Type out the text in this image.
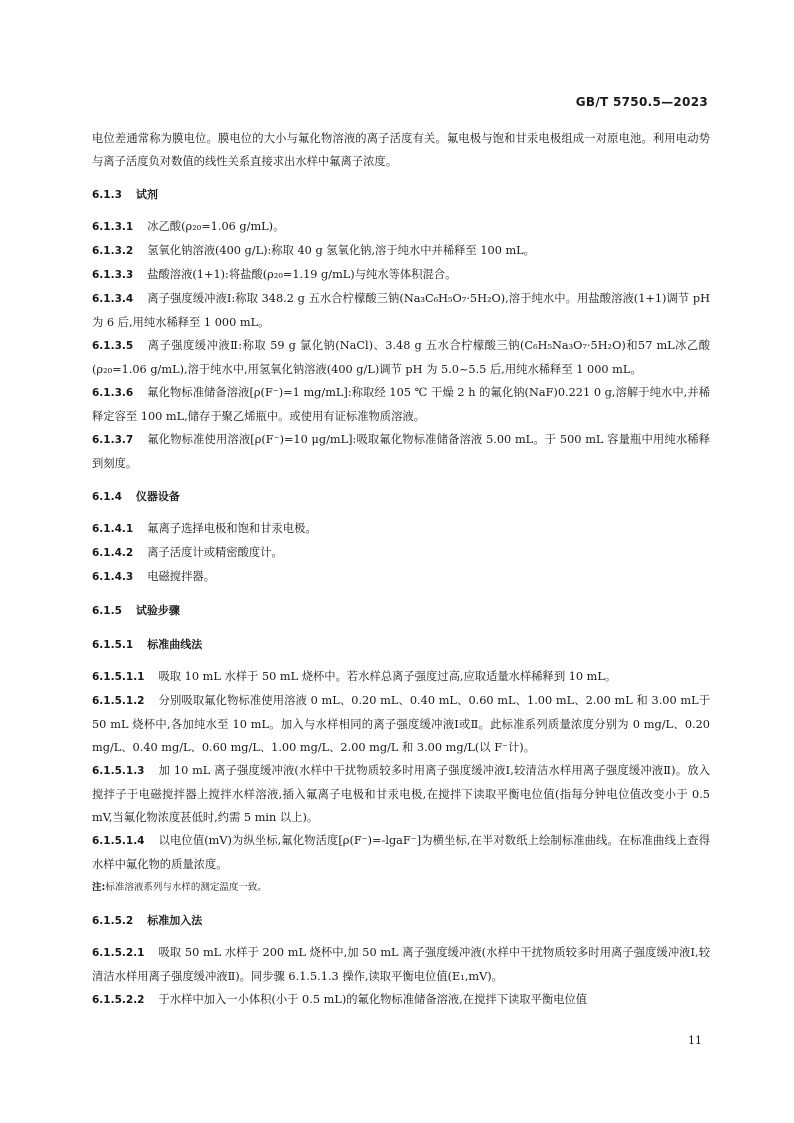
GB/T 5750.5—2023

电位差通常称为膜电位。膜电位的大小与氟化物溶液的离子活度有关。氟电极与饱和甘汞电极组成一对原电池。利用电动势与离子活度负对数值的线性关系直接求出水样中氟离子浓度。

6.1.3 试剂

6.1.3.1 冰乙酸(ρ₂₀=1.06 g/mL)。

6.1.3.2 氢氧化钠溶液(400 g/L):称取 40 g 氢氧化钠,溶于纯水中并稀释至 100 mL。

6.1.3.3 盐酸溶液(1+1):将盐酸(ρ₂₀=1.19 g/mL)与纯水等体积混合。

6.1.3.4 离子强度缓冲液Ⅰ:称取 348.2 g 五水合柠檬酸三钠(Na₃C₆H₅O₇·5H₂O),溶于纯水中。用盐酸溶液(1+1)调节 pH 为 6 后,用纯水稀释至 1 000 mL。

6.1.3.5 离子强度缓冲液Ⅱ:称取 59 g 氯化钠(NaCl)、3.48 g 五水合柠檬酸三钠(C₆H₅Na₃O₇·5H₂O)和57 mL冰乙酸(ρ₂₀=1.06 g/mL),溶于纯水中,用氢氧化钠溶液(400 g/L)调节 pH 为 5.0~5.5 后,用纯水稀释至 1 000 mL。

6.1.3.6 氟化物标准储备溶液[ρ(F⁻)=1 mg/mL]:称取经 105 ℃ 干燥 2 h 的氟化钠(NaF)0.221 0 g,溶解于纯水中,并稀释定容至 100 mL,储存于聚乙烯瓶中。或使用有证标准物质溶液。

6.1.3.7 氟化物标准使用溶液[ρ(F⁻)=10 μg/mL]:吸取氟化物标准储备溶液 5.00 mL。于 500 mL 容量瓶中用纯水稀释到刻度。

6.1.4 仪器设备

6.1.4.1 氟离子选择电极和饱和甘汞电极。

6.1.4.2 离子活度计或精密酸度计。

6.1.4.3 电磁搅拌器。

6.1.5 试验步骤
6.1.5.1 标准曲线法

6.1.5.1.1 吸取 10 mL 水样于 50 mL 烧杯中。若水样总离子强度过高,应取适量水样稀释到 10 mL。

6.1.5.1.2 分别吸取氟化物标准使用溶液 0 mL、0.20 mL、0.40 mL、0.60 mL、1.00 mL、2.00 mL 和 3.00 mL于 50 mL 烧杯中,各加纯水至 10 mL。加入与水样相同的离子强度缓冲液Ⅰ或Ⅱ。此标准系列质量浓度分别为 0 mg/L、0.20 mg/L、0.40 mg/L、0.60 mg/L、1.00 mg/L、2.00 mg/L 和 3.00 mg/L(以 F⁻计)。

6.1.5.1.3 加 10 mL 离子强度缓冲液(水样中干扰物质较多时用离子强度缓冲液Ⅰ,较清洁水样用离子强度缓冲液Ⅱ)。放入搅拌子于电磁搅拌器上搅拌水样溶液,插入氟离子电极和甘汞电极,在搅拌下读取平衡电位值(指每分钟电位值改变小于 0.5 mV,当氟化物浓度甚低时,约需 5 min 以上)。

6.1.5.1.4 以电位值(mV)为纵坐标,氟化物活度[ρ(F⁻)=-lgaF⁻]为横坐标,在半对数纸上绘制标准曲线。在标准曲线上查得水样中氟化物的质量浓度。

注:标准溶液系列与水样的测定温度一致。

6.1.5.2 标准加入法

6.1.5.2.1 吸取 50 mL 水样于 200 mL 烧杯中,加 50 mL 离子强度缓冲液(水样中干扰物质较多时用离子强度缓冲液Ⅰ,较清洁水样用离子强度缓冲液Ⅱ)。同步骤 6.1.5.1.3 操作,读取平衡电位值(E₁,mV)。

6.1.5.2.2 于水样中加入一小体积(小于 0.5 mL)的氟化物标准储备溶液,在搅拌下读取平衡电位值

11
